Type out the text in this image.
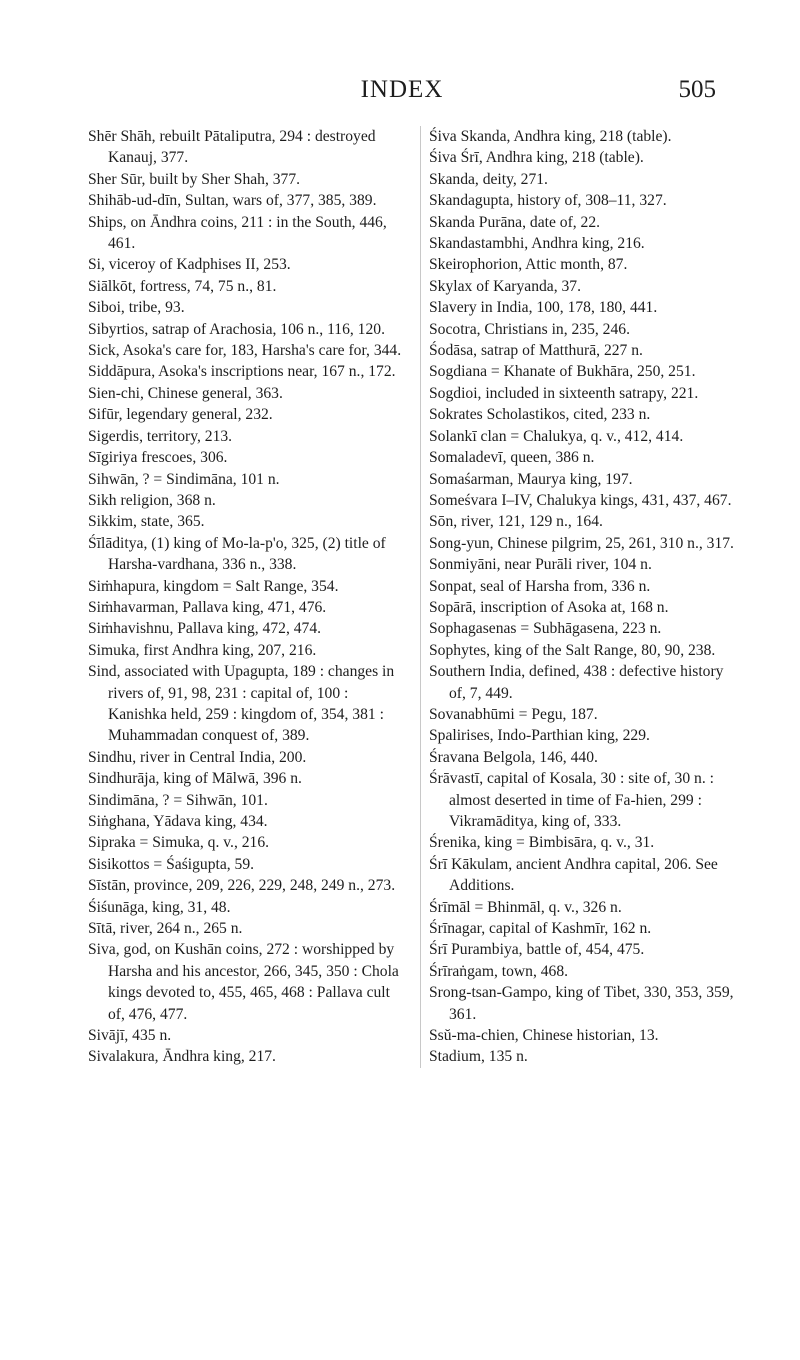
INDEX	505

Shēr Shāh, rebuilt Pātaliputra, 294 : destroyed Kanauj, 377.

Sher Sūr, built by Sher Shah, 377.

Shihāb-ud-dīn, Sultan, wars of, 377, 385, 389.

Ships, on Āndhra coins, 211 : in the South, 446, 461.

Si, viceroy of Kadphises II, 253.

Siālkōt, fortress, 74, 75 n., 81.

Siboi, tribe, 93.

Sibyrtios, satrap of Arachosia, 106 n., 116, 120.

Sick, Asoka's care for, 183, Harsha's care for, 344.

Siddāpura, Asoka's inscriptions near, 167 n., 172.

Sien-chi, Chinese general, 363.

Sifūr, legendary general, 232.

Sigerdis, territory, 213.

Sīgiriya frescoes, 306.

Sihwān, ? = Sindimāna, 101 n.

Sikh religion, 368 n.

Sikkim, state, 365.

Śīlāditya, (1) king of Mo-la-p'o, 325, (2) title of Harsha-vardhana, 336 n., 338.

Siṁhapura, kingdom = Salt Range, 354.

Siṁhavarman, Pallava king, 471, 476.

Siṁhavishnu, Pallava king, 472, 474.

Simuka, first Andhra king, 207, 216.

Sind, associated with Upagupta, 189 : changes in rivers of, 91, 98, 231 : capital of, 100 : Kanishka held, 259 : kingdom of, 354, 381 : Muhammadan conquest of, 389.

Sindhu, river in Central India, 200.

Sindhurāja, king of Mālwā, 396 n.

Sindimāna, ? = Sihwān, 101.

Siṅghana, Yādava king, 434.

Sipraka = Simuka, q. v., 216.

Sisikottos = Śaśigupta, 59.

Sīstān, province, 209, 226, 229, 248, 249 n., 273.

Śiśunāga, king, 31, 48.

Sītā, river, 264 n., 265 n.

Siva, god, on Kushān coins, 272 : worshipped by Harsha and his ancestor, 266, 345, 350 : Chola kings devoted to, 455, 465, 468 : Pallava cult of, 476, 477.

Sivājī, 435 n.

Sivalakura, Āndhra king, 217.

Śiva Skanda, Andhra king, 218 (table).

Śiva Śrī, Andhra king, 218 (table).

Skanda, deity, 271.

Skandagupta, history of, 308–11, 327.

Skanda Purāna, date of, 22.

Skandastambhi, Andhra king, 216.

Skeirophorion, Attic month, 87.

Skylax of Karyanda, 37.

Slavery in India, 100, 178, 180, 441.

Socotra, Christians in, 235, 246.

Śodāsa, satrap of Matthurā, 227 n.

Sogdiana = Khanate of Bukhāra, 250, 251.

Sogdioi, included in sixteenth satrapy, 221.

Sokrates Scholastikos, cited, 233 n.

Solankī clan = Chalukya, q. v., 412, 414.

Somaladevī, queen, 386 n.

Somaśarman, Maurya king, 197.

Someśvara I–IV, Chalukya kings, 431, 437, 467.

Sōn, river, 121, 129 n., 164.

Song-yun, Chinese pilgrim, 25, 261, 310 n., 317.

Sonmiyāni, near Purāli river, 104 n.

Sonpat, seal of Harsha from, 336 n.

Sopārā, inscription of Asoka at, 168 n.

Sophagasenas = Subhāgasena, 223 n.

Sophytes, king of the Salt Range, 80, 90, 238.

Southern India, defined, 438 : defective history of, 7, 449.

Sovanabhūmi = Pegu, 187.

Spalirises, Indo-Parthian king, 229.

Śravana Belgola, 146, 440.

Śrāvastī, capital of Kosala, 30 : site of, 30 n. : almost deserted in time of Fa-hien, 299 : Vikramāditya, king of, 333.

Śrenika, king = Bimbisāra, q. v., 31.

Śrī Kākulam, ancient Andhra capital, 206. See Additions.

Śrīmāl = Bhinmāl, q. v., 326 n.

Śrīnagar, capital of Kashmīr, 162 n.

Śrī Purambiya, battle of, 454, 475.

Śrīraṅgam, town, 468.

Srong-tsan-Gampo, king of Tibet, 330, 353, 359, 361.

Ssŭ-ma-chien, Chinese historian, 13.

Stadium, 135 n.
